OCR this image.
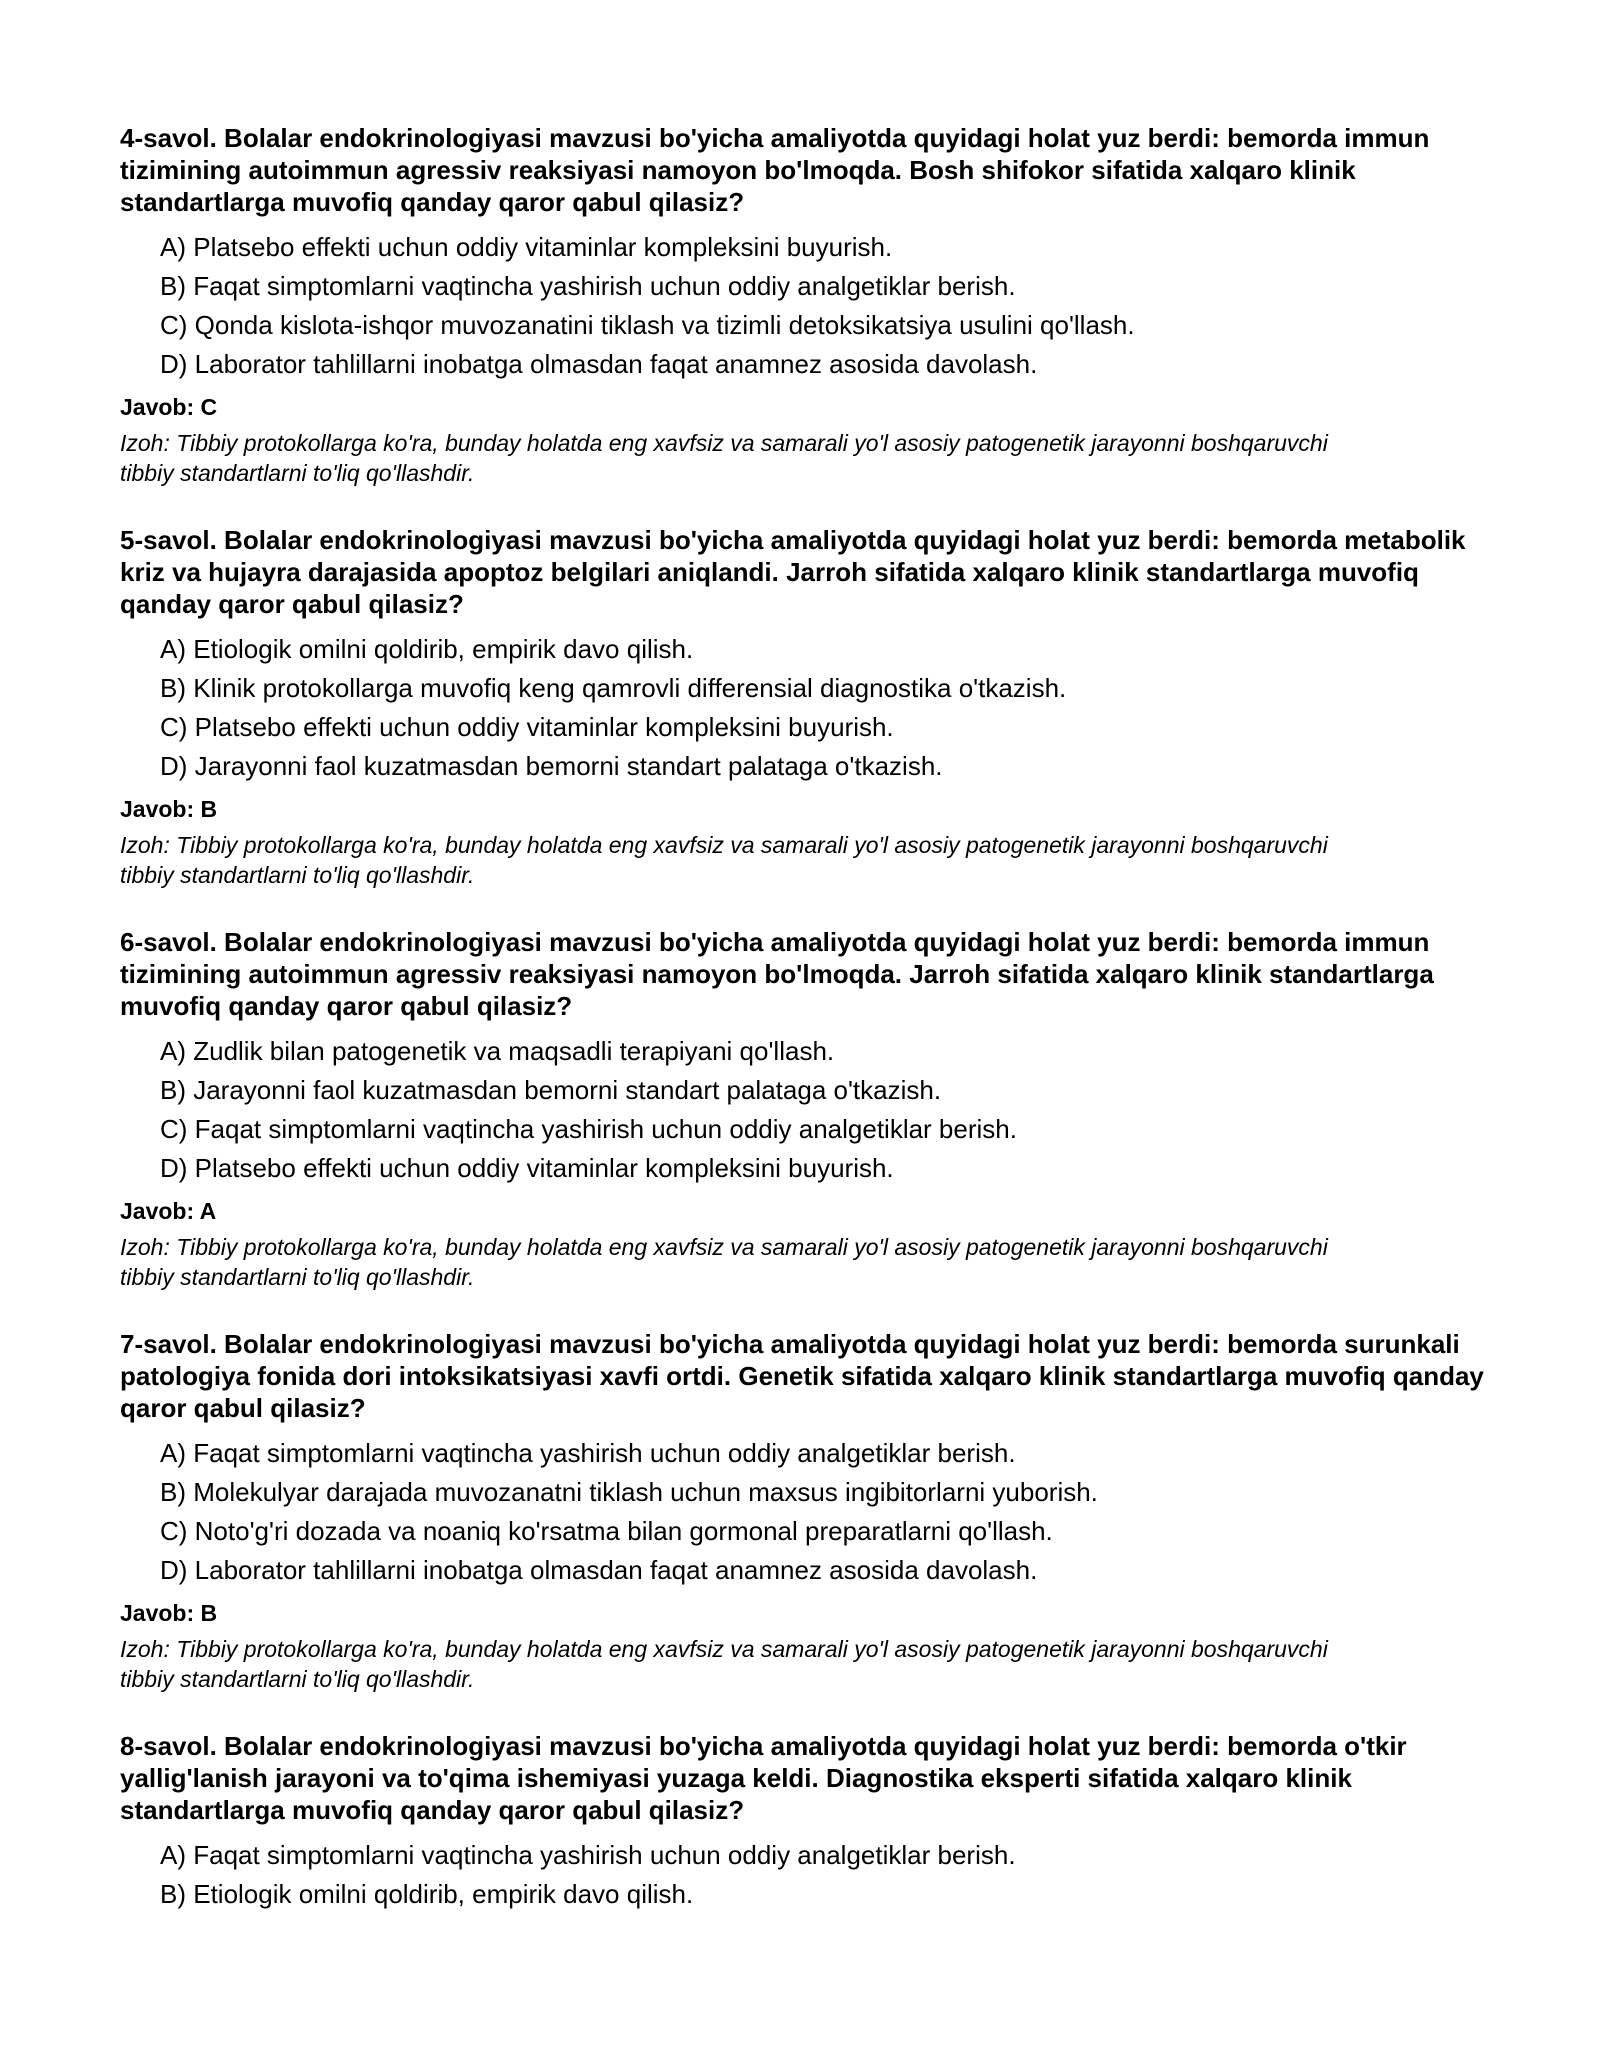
4-savol. Bolalar endokrinologiyasi mavzusi bo'yicha amaliyotda quyidagi holat yuz berdi: bemorda immun tizimining autoimmun agressiv reaksiyasi namoyon bo'lmoqda. Bosh shifokor sifatida xalqaro klinik standartlarga muvofiq qanday qaror qabul qilasiz?

A) Platsebo effekti uchun oddiy vitaminlar kompleksini buyurish.
B) Faqat simptomlarni vaqtincha yashirish uchun oddiy analgetiklar berish.
C) Qonda kislota-ishqor muvozanatini tiklash va tizimli detoksikatsiya usulini qo'llash.
D) Laborator tahlillarni inobatga olmasdan faqat anamnez asosida davolash.

Javob: C

Izoh: Tibbiy protokollarga ko'ra, bunday holatda eng xavfsiz va samarali yo'l asosiy patogenetik jarayonni boshqaruvchi tibbiy standartlarni to'liq qo'llashdir.

5-savol. Bolalar endokrinologiyasi mavzusi bo'yicha amaliyotda quyidagi holat yuz berdi: bemorda metabolik kriz va hujayra darajasida apoptoz belgilari aniqlandi. Jarroh sifatida xalqaro klinik standartlarga muvofiq qanday qaror qabul qilasiz?

A) Etiologik omilni qoldirib, empirik davo qilish.
B) Klinik protokollarga muvofiq keng qamrovli differensial diagnostika o'tkazish.
C) Platsebo effekti uchun oddiy vitaminlar kompleksini buyurish.
D) Jarayonni faol kuzatmasdan bemorni standart palataga o'tkazish.

Javob: B

Izoh: Tibbiy protokollarga ko'ra, bunday holatda eng xavfsiz va samarali yo'l asosiy patogenetik jarayonni boshqaruvchi tibbiy standartlarni to'liq qo'llashdir.

6-savol. Bolalar endokrinologiyasi mavzusi bo'yicha amaliyotda quyidagi holat yuz berdi: bemorda immun tizimining autoimmun agressiv reaksiyasi namoyon bo'lmoqda. Jarroh sifatida xalqaro klinik standartlarga muvofiq qanday qaror qabul qilasiz?

A) Zudlik bilan patogenetik va maqsadli terapiyani qo'llash.
B) Jarayonni faol kuzatmasdan bemorni standart palataga o'tkazish.
C) Faqat simptomlarni vaqtincha yashirish uchun oddiy analgetiklar berish.
D) Platsebo effekti uchun oddiy vitaminlar kompleksini buyurish.

Javob: A

Izoh: Tibbiy protokollarga ko'ra, bunday holatda eng xavfsiz va samarali yo'l asosiy patogenetik jarayonni boshqaruvchi tibbiy standartlarni to'liq qo'llashdir.

7-savol. Bolalar endokrinologiyasi mavzusi bo'yicha amaliyotda quyidagi holat yuz berdi: bemorda surunkali patologiya fonida dori intoksikatsiyasi xavfi ortdi. Genetik sifatida xalqaro klinik standartlarga muvofiq qanday qaror qabul qilasiz?

A) Faqat simptomlarni vaqtincha yashirish uchun oddiy analgetiklar berish.
B) Molekulyar darajada muvozanatni tiklash uchun maxsus ingibitorlarni yuborish.
C) Noto'g'ri dozada va noaniq ko'rsatma bilan gormonal preparatlarni qo'llash.
D) Laborator tahlillarni inobatga olmasdan faqat anamnez asosida davolash.

Javob: B

Izoh: Tibbiy protokollarga ko'ra, bunday holatda eng xavfsiz va samarali yo'l asosiy patogenetik jarayonni boshqaruvchi tibbiy standartlarni to'liq qo'llashdir.

8-savol. Bolalar endokrinologiyasi mavzusi bo'yicha amaliyotda quyidagi holat yuz berdi: bemorda o'tkir yallig'lanish jarayoni va to'qima ishemiyasi yuzaga keldi. Diagnostika eksperti sifatida xalqaro klinik standartlarga muvofiq qanday qaror qabul qilasiz?

A) Faqat simptomlarni vaqtincha yashirish uchun oddiy analgetiklar berish.
B) Etiologik omilni qoldirib, empirik davo qilish.
